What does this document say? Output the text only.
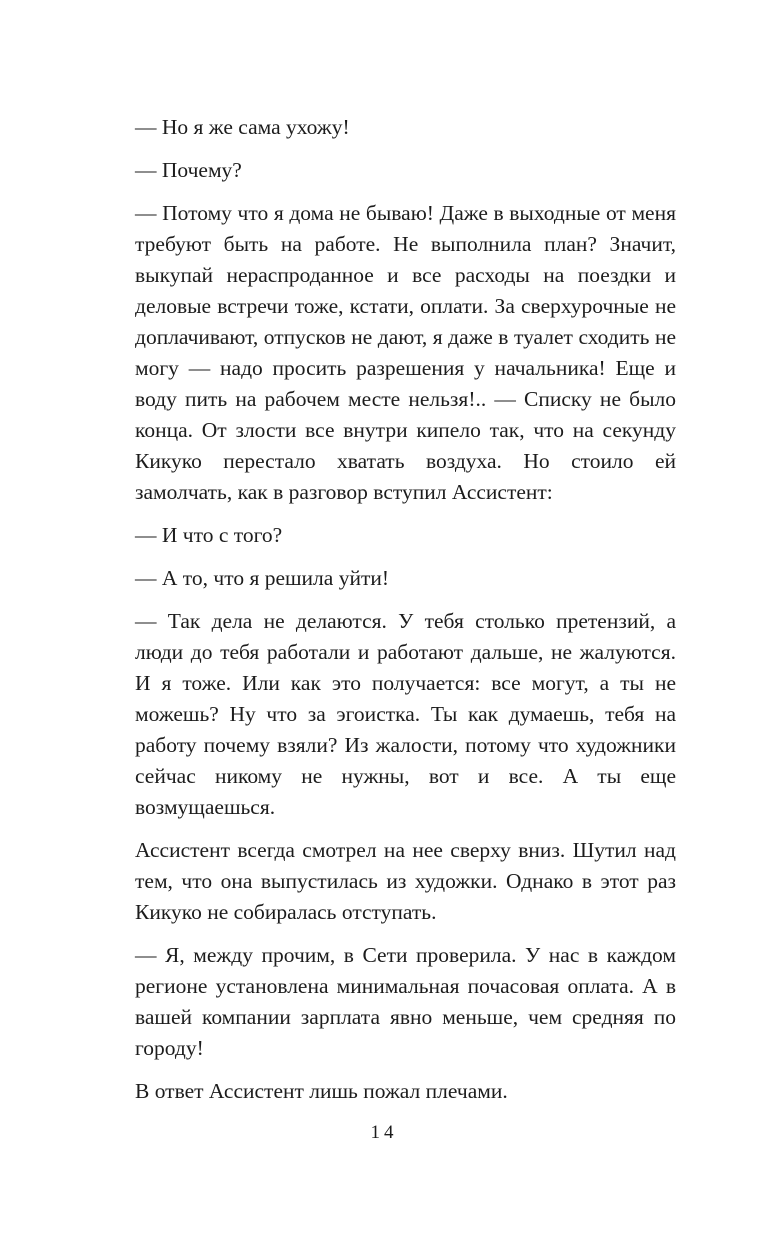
— Но я же сама ухожу!

— Почему?

— Потому что я дома не бываю! Даже в выходные от меня требуют быть на работе. Не выполнила план? Значит, выкупай нераспроданное и все расходы на поездки и деловые встречи тоже, кстати, оплати. За сверхурочные не доплачивают, отпусков не дают, я даже в туалет сходить не могу — надо просить разрешения у начальника! Еще и воду пить на рабочем месте нельзя!.. — Списку не было конца. От злости все внутри кипело так, что на секунду Кикуко перестало хватать воздуха. Но стоило ей замолчать, как в разговор вступил Ассистент:

— И что с того?

— А то, что я решила уйти!

— Так дела не делаются. У тебя столько претензий, а люди до тебя работали и работают дальше, не жалуются. И я тоже. Или как это получается: все могут, а ты не можешь? Ну что за эгоистка. Ты как думаешь, тебя на работу почему взяли? Из жалости, потому что художники сейчас никому не нужны, вот и все. А ты еще возмущаешься.

Ассистент всегда смотрел на нее сверху вниз. Шутил над тем, что она выпустилась из художки. Однако в этот раз Кикуко не собиралась отступать.

— Я, между прочим, в Сети проверила. У нас в каждом регионе установлена минимальная почасовая оплата. А в вашей компании зарплата явно меньше, чем средняя по городу!

В ответ Ассистент лишь пожал плечами.

14
